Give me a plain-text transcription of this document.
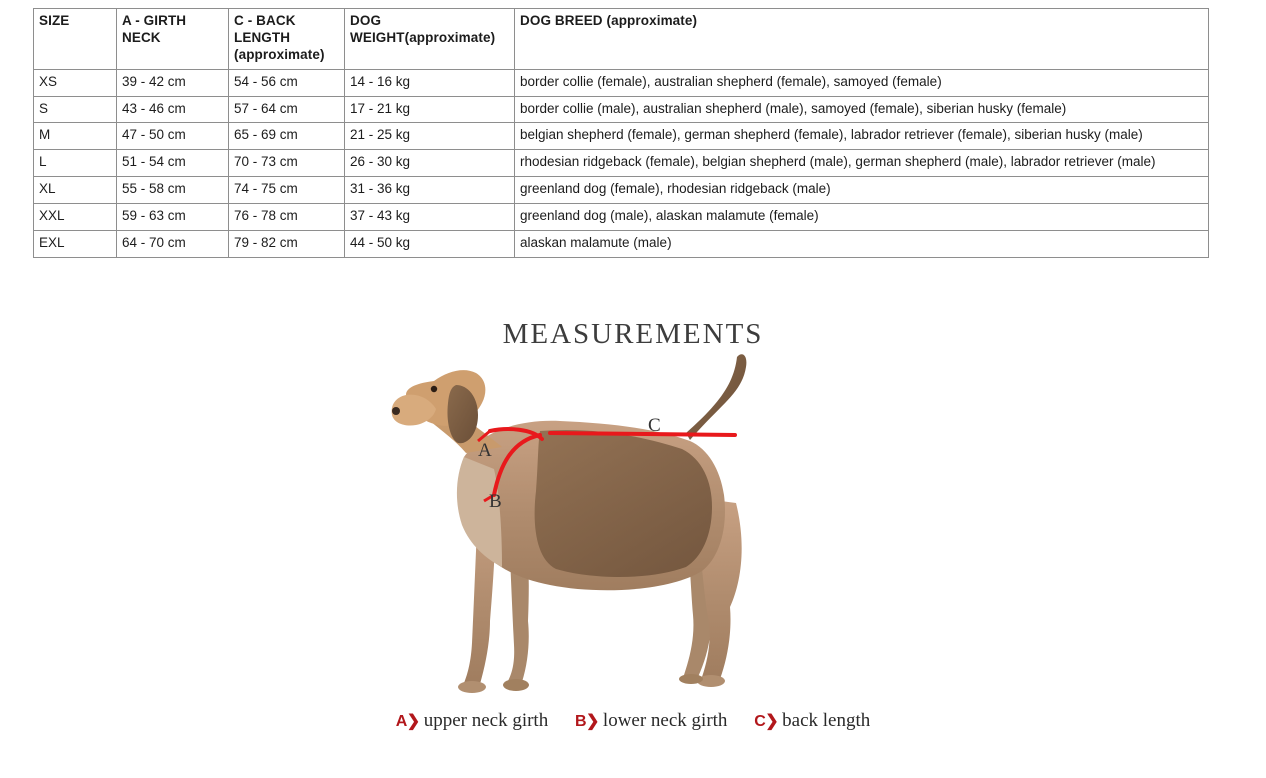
SIZE	A - GIRTH NECK	C - BACK LENGTH (approximate)	DOG WEIGHT(approximate)	DOG BREED (approximate)
XS	39 - 42 cm	54 - 56 cm	14 - 16 kg	border collie (female), australian shepherd (female), samoyed (female)
S	43 - 46 cm	57 - 64 cm	17 - 21 kg	border collie (male), australian shepherd (male), samoyed (female), siberian husky (female)
M	47 - 50 cm	65 - 69 cm	21 - 25 kg	belgian shepherd (female), german shepherd (female), labrador retriever (female), siberian husky (male)
L	51 - 54 cm	70 - 73 cm	26 - 30 kg	rhodesian ridgeback (female), belgian shepherd (male), german shepherd (male), labrador retriever (male)
XL	55 - 58 cm	74 - 75 cm	31 - 36 kg	greenland dog (female), rhodesian ridgeback (male)
XXL	59 - 63 cm	76 - 78 cm	37 - 43 kg	greenland dog (male), alaskan malamute (female)
EXL	64 - 70 cm	79 - 82 cm	44 - 50 kg	alaskan malamute (male)
MEASUREMENTS
A
B
C
A❯ upper neck girth B❯ lower neck girth C❯ back length
